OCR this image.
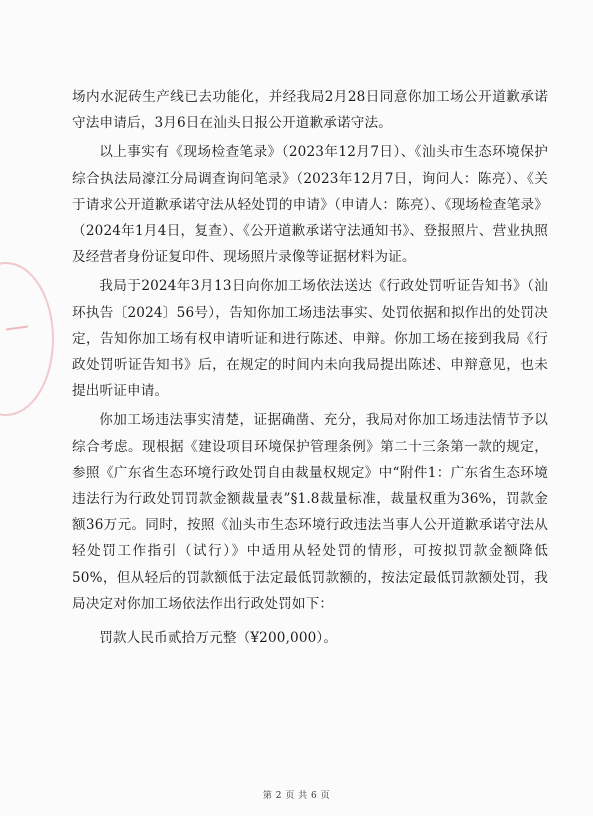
场内水泥砖生产线已去功能化，并经我局2月28日同意你加工场公开道歉承诺守法申请后，3月6日在汕头日报公开道歉承诺守法。

以上事实有《现场检查笔录》（2023年12月7日）、《汕头市生态环境保护综合执法局濠江分局调查询问笔录》（2023年12月7日，询问人：陈亮）、《关于请求公开道歉承诺守法从轻处罚的申请》（申请人：陈亮）、《现场检查笔录》（2024年1月4日，复查）、《公开道歉承诺守法通知书》、登报照片、营业执照及经营者身份证复印件、现场照片录像等证据材料为证。

我局于2024年3月13日向你加工场依法送达《行政处罚听证告知书》（汕环执告〔2024〕56号），告知你加工场违法事实、处罚依据和拟作出的处罚决定，告知你加工场有权申请听证和进行陈述、申辩。你加工场在接到我局《行政处罚听证告知书》后，在规定的时间内未向我局提出陈述、申辩意见，也未提出听证申请。

你加工场违法事实清楚，证据确凿、充分，我局对你加工场违法情节予以综合考虑。现根据《建设项目环境保护管理条例》第二十三条第一款的规定，参照《广东省生态环境行政处罚自由裁量权规定》中“附件1：广东省生态环境违法行为行政处罚罚款金额裁量表”§1.8裁量标准，裁量权重为36%，罚款金额36万元。同时，按照《汕头市生态环境行政违法当事人公开道歉承诺守法从轻处罚工作指引（试行）》中适用从轻处罚的情形，可按拟罚款金额降低50%，但从轻后的罚款额低于法定最低罚款额的，按法定最低罚款额处罚，我局决定对你加工场依法作出行政处罚如下：

罚款人民币贰拾万元整（¥200,000）。

第 2 页 共 6 页
